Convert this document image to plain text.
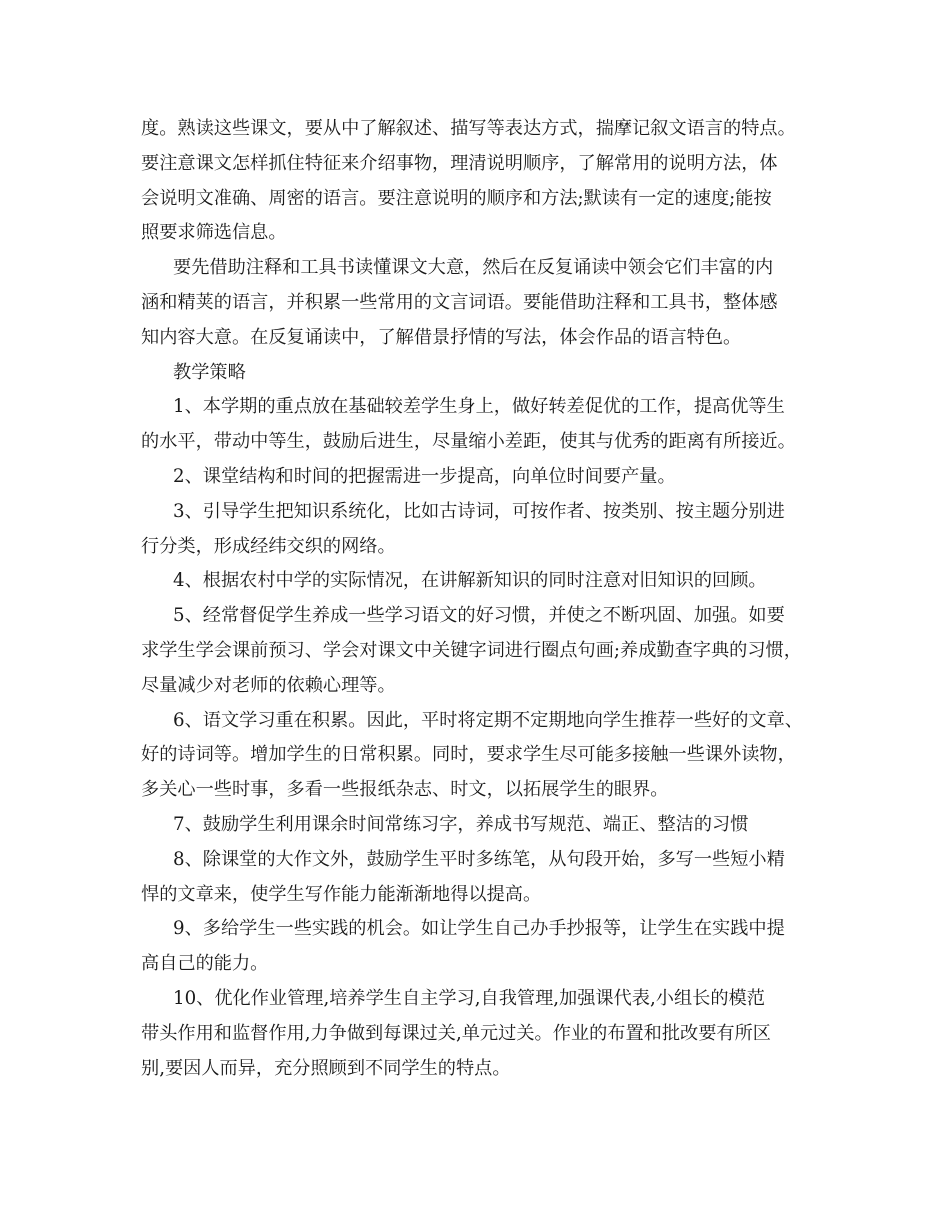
度。熟读这些课文，要从中了解叙述、描写等表达方式，揣摩记叙文语言的特点。
要注意课文怎样抓住特征来介绍事物，理清说明顺序，了解常用的说明方法，体
会说明文准确、周密的语言。要注意说明的顺序和方法;默读有一定的速度;能按
照要求筛选信息。
要先借助注释和工具书读懂课文大意，然后在反复诵读中领会它们丰富的内
涵和精荚的语言，并积累一些常用的文言词语。要能借助注释和工具书，整体感
知内容大意。在反复诵读中，了解借景抒情的写法，体会作品的语言特色。
教学策略
1、本学期的重点放在基础较差学生身上，做好转差促优的工作，提高优等生
的水平，带动中等生，鼓励后进生，尽量缩小差距，使其与优秀的距离有所接近。
2、课堂结构和时间的把握需进一步提高，向单位时间要产量。
3、引导学生把知识系统化，比如古诗词，可按作者、按类别、按主题分别进
行分类，形成经纬交织的网络。
4、根据农村中学的实际情况，在讲解新知识的同时注意对旧知识的回顾。
5、经常督促学生养成一些学习语文的好习惯，并使之不断巩固、加强。如要
求学生学会课前预习、学会对课文中关键字词进行圈点句画;养成勤查字典的习惯，
尽量减少对老师的依赖心理等。
6、语文学习重在积累。因此，平时将定期不定期地向学生推荐一些好的文章、
好的诗词等。增加学生的日常积累。同时，要求学生尽可能多接触一些课外读物，
多关心一些时事，多看一些报纸杂志、时文，以拓展学生的眼界。
7、鼓励学生利用课余时间常练习字，养成书写规范、端正、整洁的习惯
8、除课堂的大作文外，鼓励学生平时多练笔，从句段开始，多写一些短小精
悍的文章来，使学生写作能力能渐渐地得以提高。
9、多给学生一些实践的机会。如让学生自己办手抄报等，让学生在实践中提
高自己的能力。
10、优化作业管理,培养学生自主学习,自我管理,加强课代表,小组长的模范
带头作用和监督作用,力争做到每课过关,单元过关。作业的布置和批改要有所区
别,要因人而异，充分照顾到不同学生的特点。
